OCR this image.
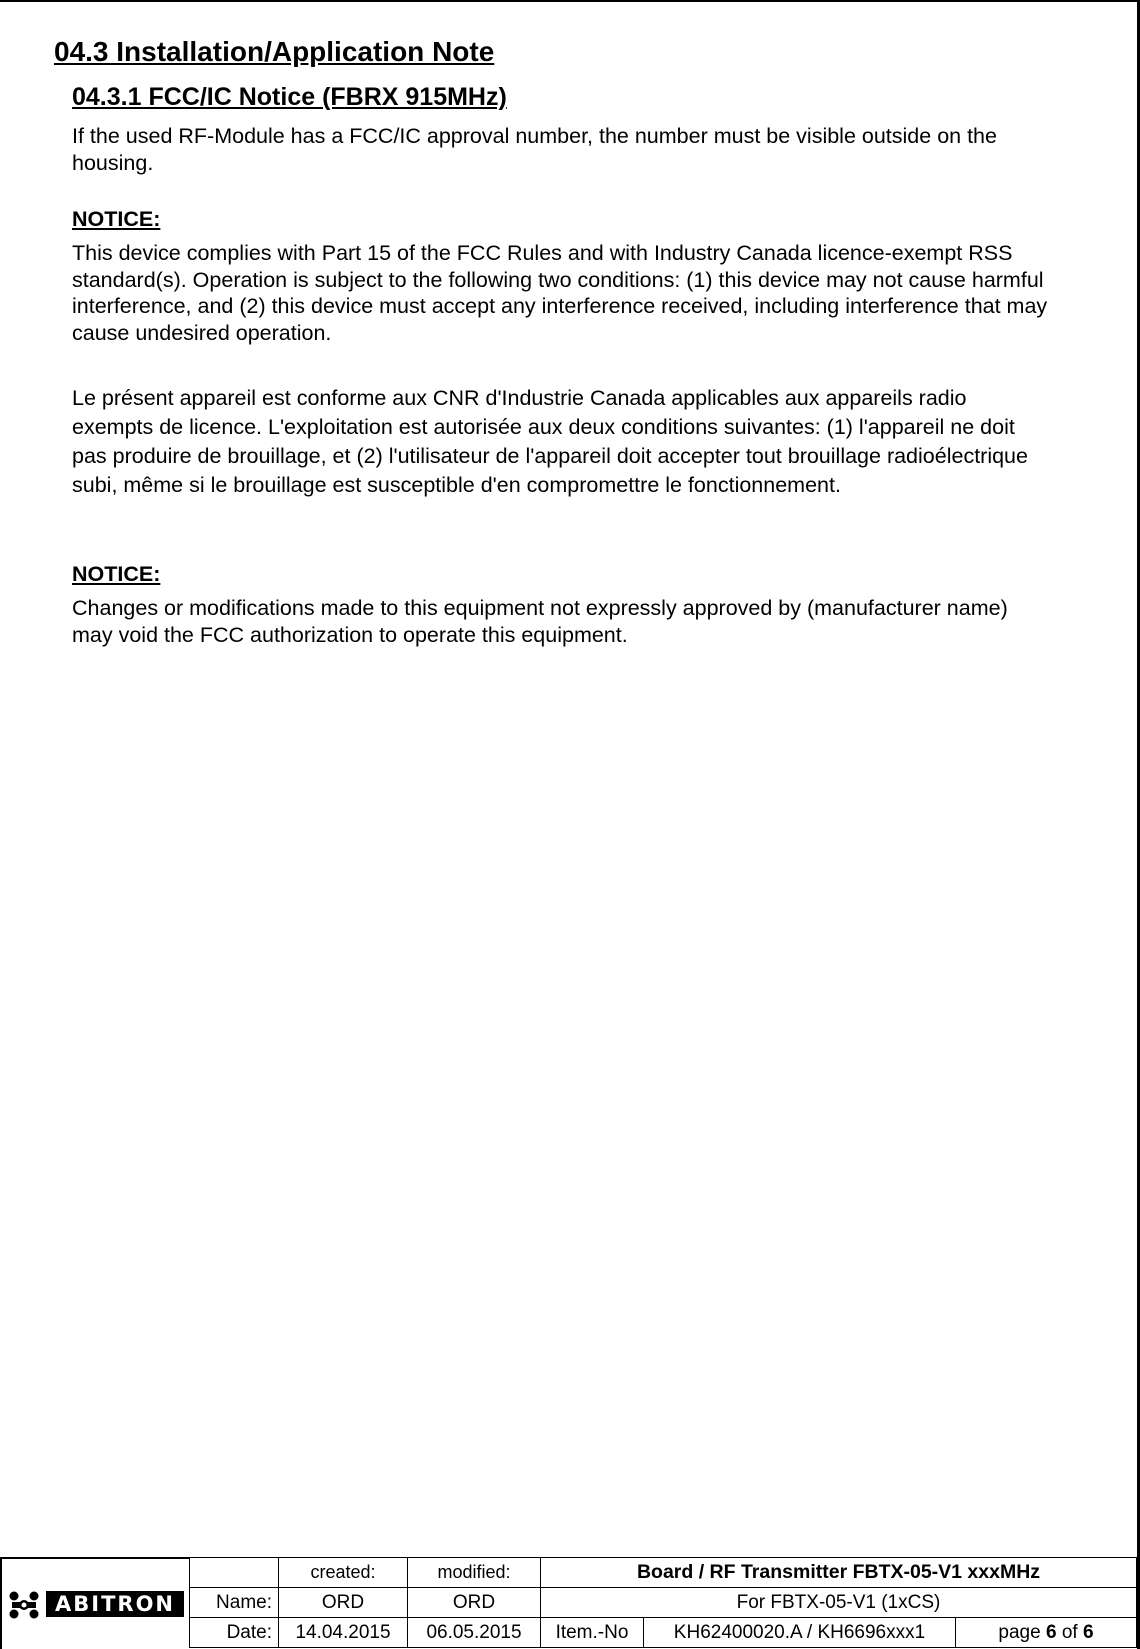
04.3 Installation/Application Note
04.3.1 FCC/IC Notice (FBRX 915MHz)

If the used RF-Module has a FCC/IC approval number, the number must be visible outside on the housing.

NOTICE:

This device complies with Part 15 of the FCC Rules and with Industry Canada licence-exempt RSS standard(s). Operation is subject to the following two conditions: (1) this device may not cause harmful interference, and (2) this device must accept any interference received, including interference that may cause undesired operation.

Le présent appareil est conforme aux CNR d'Industrie Canada applicables aux appareils radio exempts de licence. L'exploitation est autorisée aux deux conditions suivantes: (1) l'appareil ne doit pas produire de brouillage, et (2) l'utilisateur de l'appareil doit accepter tout brouillage radioélectrique subi, même si le brouillage est susceptible d'en compromettre le fonctionnement.

NOTICE:

Changes or modifications made to this equipment not expressly approved by (manufacturer name) may void the FCC authorization to operate this equipment.

ABITRON
	created:	modified:	Board / RF Transmitter FBTX-05-V1 xxxMHz		
Name:	ORD	ORD	For FBTX-05-V1 (1xCS)		
Date:	14.04.2015	06.05.2015	Item.-No	KH62400020.A / KH6696xxx1	page 6 of 6
